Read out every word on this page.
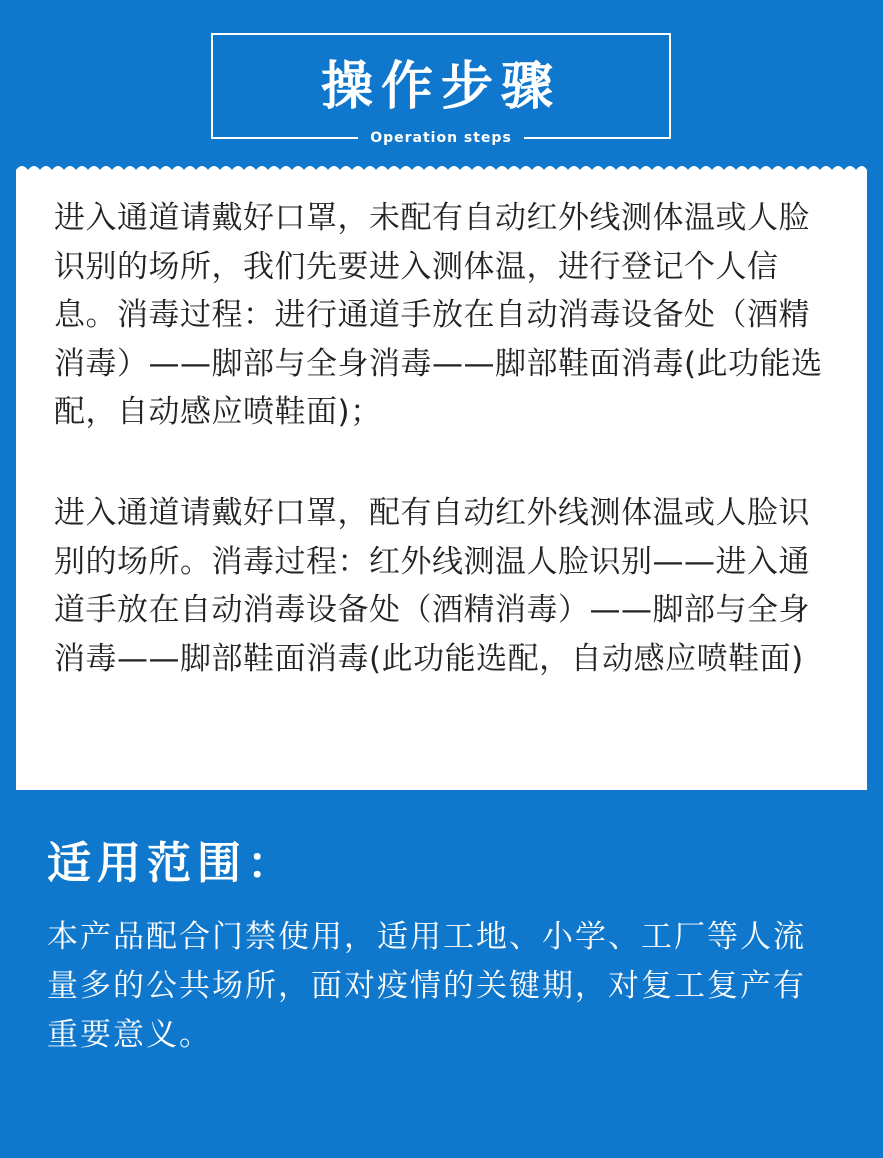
操作步骤
Operation steps

进入通道请戴好口罩，未配有自动红外线测体温或人脸识别的场所，我们先要进入测体温，进行登记个人信息。消毒过程：进行通道手放在自动消毒设备处（酒精消毒）——脚部与全身消毒——脚部鞋面消毒(此功能选配，自动感应喷鞋面)；

进入通道请戴好口罩，配有自动红外线测体温或人脸识别的场所。消毒过程：红外线测温人脸识别——进入通道手放在自动消毒设备处（酒精消毒）——脚部与全身消毒——脚部鞋面消毒(此功能选配，自动感应喷鞋面)

适用范围：

本产品配合门禁使用，适用工地、小学、工厂等人流量多的公共场所，面对疫情的关键期，对复工复产有重要意义。
